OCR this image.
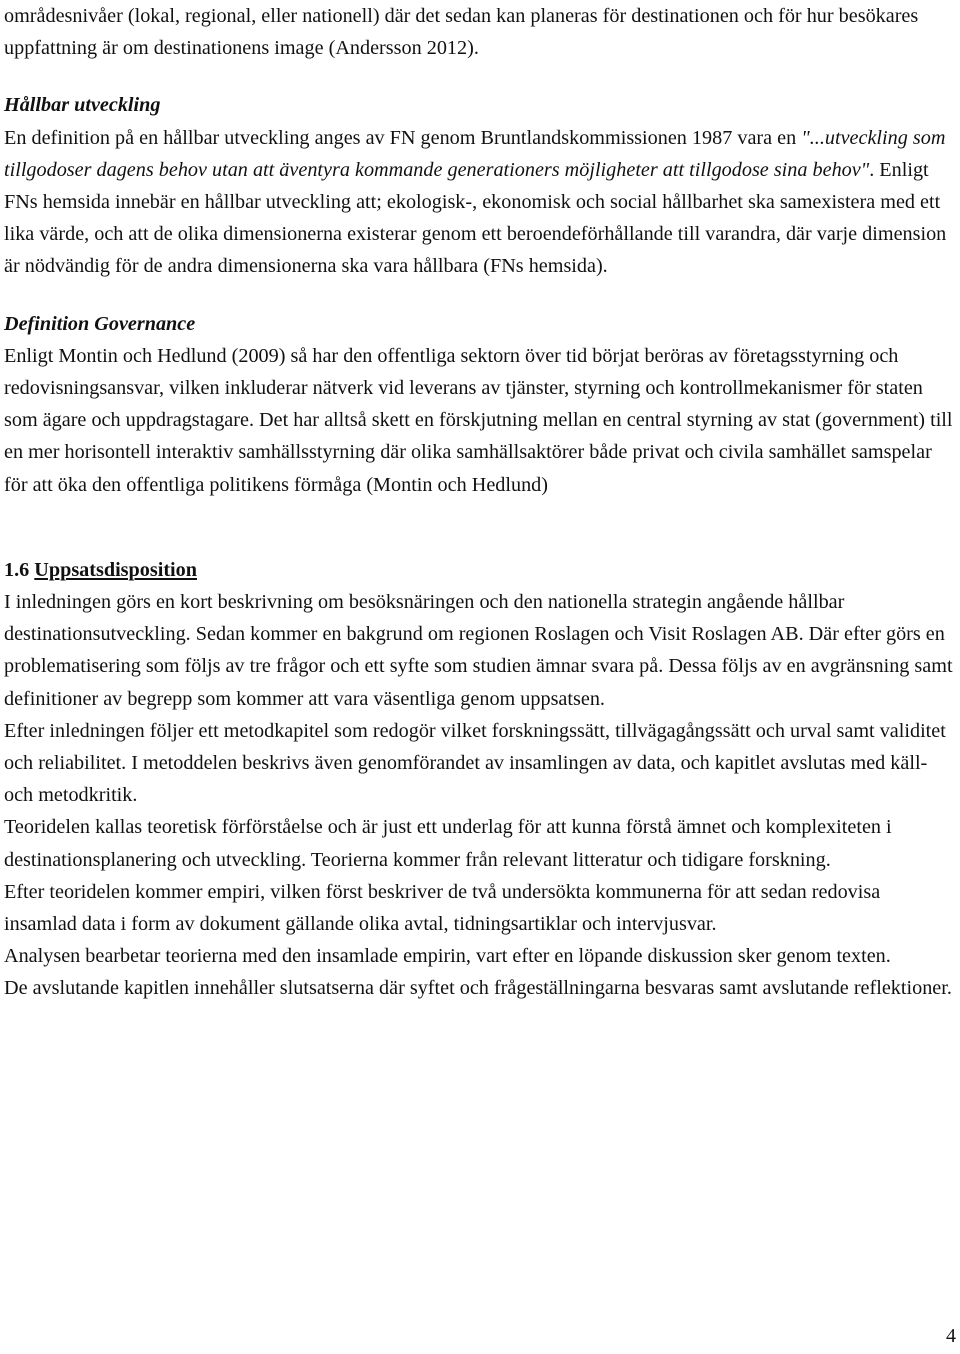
områdesnivåer (lokal, regional, eller nationell) där det sedan kan planeras för destinationen och för hur besökares uppfattning är om destinationens image (Andersson 2012).

Hållbar utveckling

En definition på en hållbar utveckling anges av FN genom Bruntlandskommissionen 1987 vara en "...utveckling som tillgodoser dagens behov utan att äventyra kommande generationers möjligheter att tillgodose sina behov". Enligt FNs hemsida innebär en hållbar utveckling att; ekologisk-, ekonomisk och social hållbarhet ska samexistera med ett lika värde, och att de olika dimensionerna existerar genom ett beroendeförhållande till varandra, där varje dimension är nödvändig för de andra dimensionerna ska vara hållbara (FNs hemsida).

Definition Governance

Enligt Montin och Hedlund (2009) så har den offentliga sektorn över tid börjat beröras av företagsstyrning och redovisningsansvar, vilken inkluderar nätverk vid leverans av tjänster, styrning och kontrollmekanismer för staten som ägare och uppdragstagare. Det har alltså skett en förskjutning mellan en central styrning av stat (government) till en mer horisontell interaktiv samhällsstyrning där olika samhällsaktörer både privat och civila samhället samspelar för att öka den offentliga politikens förmåga (Montin och Hedlund)

1.6 Uppsatsdisposition

I inledningen görs en kort beskrivning om besöksnäringen och den nationella strategin angående hållbar destinationsutveckling. Sedan kommer en bakgrund om regionen Roslagen och Visit Roslagen AB. Där efter görs en problematisering som följs av tre frågor och ett syfte som studien ämnar svara på. Dessa följs av en avgränsning samt definitioner av begrepp som kommer att vara väsentliga genom uppsatsen.

Efter inledningen följer ett metodkapitel som redogör vilket forskningssätt, tillvägagångssätt och urval samt validitet och reliabilitet. I metoddelen beskrivs även genomförandet av insamlingen av data, och kapitlet avslutas med käll- och metodkritik.

Teoridelen kallas teoretisk förförståelse och är just ett underlag för att kunna förstå ämnet och komplexiteten i destinationsplanering och utveckling. Teorierna kommer från relevant litteratur och tidigare forskning.

Efter teoridelen kommer empiri, vilken först beskriver de två undersökta kommunerna för att sedan redovisa insamlad data i form av dokument gällande olika avtal, tidningsartiklar och intervjusvar.

Analysen bearbetar teorierna med den insamlade empirin, vart efter en löpande diskussion sker genom texten.

De avslutande kapitlen innehåller slutsatserna där syftet och frågeställningarna besvaras samt avslutande reflektioner.

4
